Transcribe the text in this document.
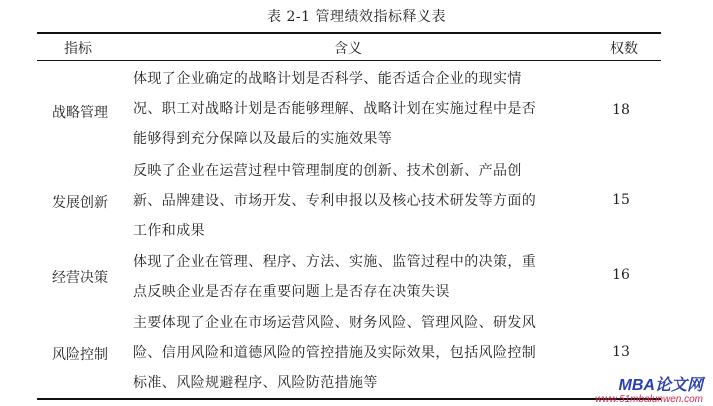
表 2-1 管理绩效指标释义表
指标	含义	权数
战略管理
体现了企业确定的战略计划是否科学、能否适合企业的现实情
况、职工对战略计划是否能够理解、战略计划在实施过程中是否
能够得到充分保障以及最后的实施效果等
18
发展创新
反映了企业在运营过程中管理制度的创新、技术创新、产品创
新、品牌建设、市场开发、专利申报以及核心技术研发等方面的
工作和成果
15
经营决策
体现了企业在管理、程序、方法、实施、监管过程中的决策，重
点反映企业是否存在重要问题上是否存在决策失误
16
风险控制
主要体现了企业在市场运营风险、财务风险、管理风险、研发风
险、信用风险和道德风险的管控措施及实际效果，包括风险控制
标准、风险规避程序、风险防范措施等
13
MBA论文网
www.51mbalunwen.com
